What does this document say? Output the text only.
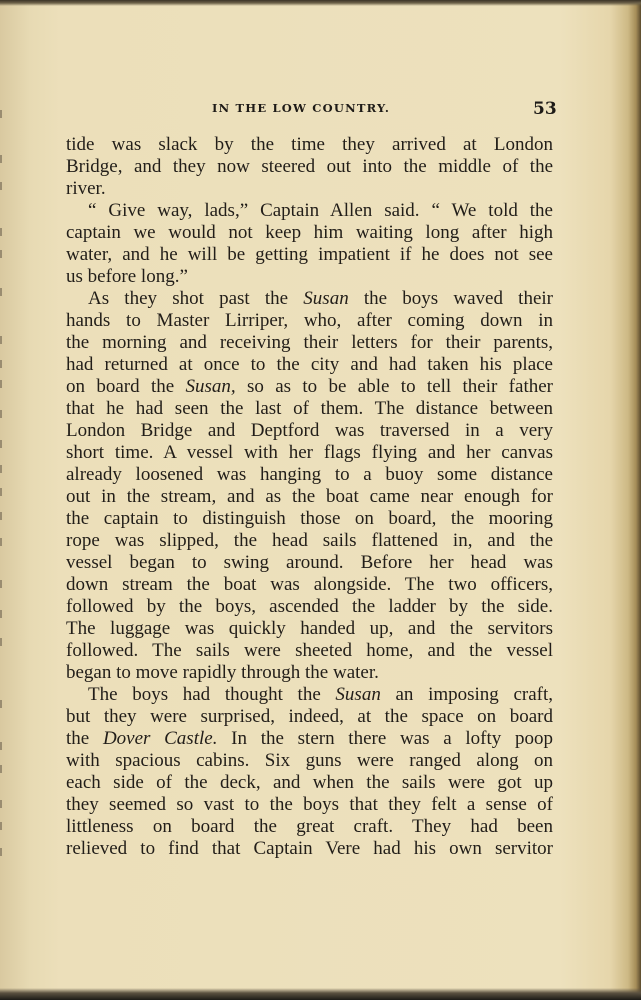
IN THE LOW COUNTRY.	53
tide was slack by the time they arrived at London
Bridge, and they now steered out into the middle of the
river.
“ Give way, lads,” Captain Allen said. “ We told the
captain we would not keep him waiting long after high
water, and he will be getting impatient if he does not see
us before long.”
As they shot past the Susan the boys waved their
hands to Master Lirriper, who, after coming down in
the morning and receiving their letters for their parents,
had returned at once to the city and had taken his place
on board the Susan, so as to be able to tell their father
that he had seen the last of them. The distance between
London Bridge and Deptford was traversed in a very
short time. A vessel with her flags flying and her canvas
already loosened was hanging to a buoy some distance
out in the stream, and as the boat came near enough for
the captain to distinguish those on board, the mooring
rope was slipped, the head sails flattened in, and the
vessel began to swing around. Before her head was
down stream the boat was alongside. The two officers,
followed by the boys, ascended the ladder by the side.
The luggage was quickly handed up, and the servitors
followed. The sails were sheeted home, and the vessel
began to move rapidly through the water.
The boys had thought the Susan an imposing craft,
but they were surprised, indeed, at the space on board
the Dover Castle. In the stern there was a lofty poop
with spacious cabins. Six guns were ranged along on
each side of the deck, and when the sails were got up
they seemed so vast to the boys that they felt a sense of
littleness on board the great craft. They had been
relieved to find that Captain Vere had his own servitor
